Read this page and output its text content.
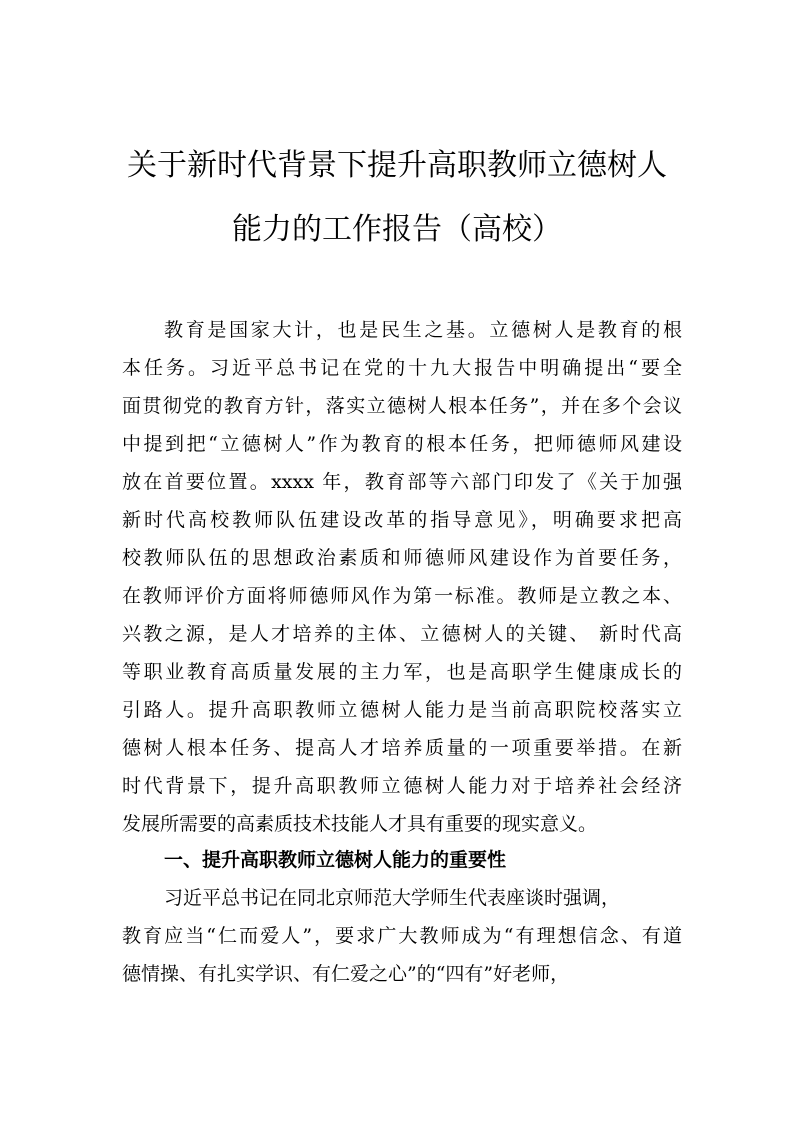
关于新时代背景下提升高职教师立德树人
能力的工作报告（高校）
教育是国家大计，也是民生之基。立德树人是教育的根
本任务。习近平总书记在党的十九大报告中明确提出“要全
面贯彻党的教育方针，落实立德树人根本任务”，并在多个会议
中提到把“立德树人”作为教育的根本任务，把师德师风建设
放在首要位置。xxxx 年，教育部等六部门印发了《关于加强
新时代高校教师队伍建设改革的指导意见》，明确要求把高
校教师队伍的思想政治素质和师德师风建设作为首要任务，
在教师评价方面将师德师风作为第一标准。教师是立教之本、
兴教之源，是人才培养的主体、立德树人的关键、 新时代高
等职业教育高质量发展的主力军，也是高职学生健康成长的
引路人。提升高职教师立德树人能力是当前高职院校落实立
德树人根本任务、提高人才培养质量的一项重要举措。在新
时代背景下，提升高职教师立德树人能力对于培养社会经济
发展所需要的高素质技术技能人才具有重要的现实意义。
一、提升高职教师立德树人能力的重要性
习近平总书记在同北京师范大学师生代表座谈时强调，
教育应当“仁而爱人”，要求广大教师成为“有理想信念、有道
德情操、有扎实学识、有仁爱之心”的“四有”好老师，
